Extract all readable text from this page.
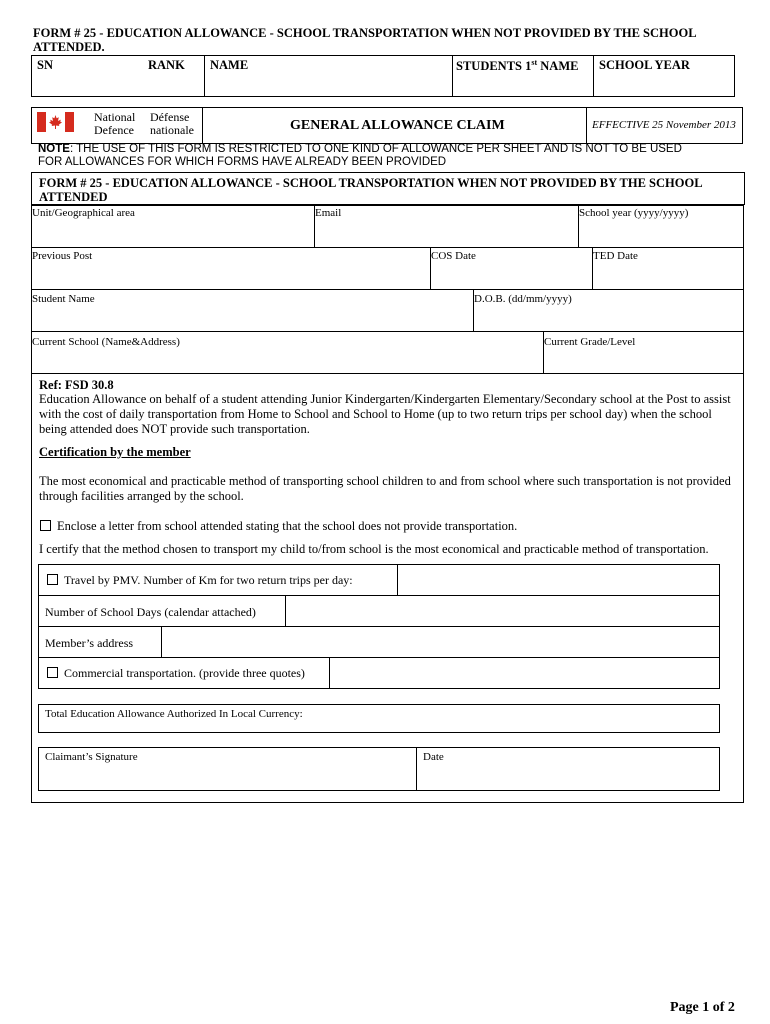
FORM # 25 - EDUCATION ALLOWANCE - SCHOOL TRANSPORTATION WHEN NOT PROVIDED BY THE SCHOOL
ATTENDED.
SN	RANK	NAME	STUDENTS 1st NAME	SCHOOL YEAR
National
Defence
Défense
nationale	GENERAL ALLOWANCE CLAIM	EFFECTIVE 25 November 2013
NOTE: THE USE OF THIS FORM IS RESTRICTED TO ONE KIND OF ALLOWANCE PER SHEET AND IS NOT TO BE USED
FOR ALLOWANCES FOR WHICH FORMS HAVE ALREADY BEEN PROVIDED
FORM # 25 - EDUCATION ALLOWANCE - SCHOOL TRANSPORTATION WHEN NOT PROVIDED BY THE SCHOOL
ATTENDED
Unit/Geographical area	Email	School year (yyyy/yyyy)
Previous Post	COS Date	TED Date
Student Name	D.O.B. (dd/mm/yyyy)
Current School (Name&Address)	Current Grade/Level
Ref: FSD 30.8
Education Allowance on behalf of a student attending Junior Kindergarten/Kindergarten Elementary/Secondary school at the Post to assist
with the cost of daily transportation from Home to School and School to Home (up to two return trips per school day) when the school
being attended does NOT provide such transportation.
Certification by the member
The most economical and practicable method of transporting school children to and from school where such transportation is not provided
through facilities arranged by the school.
Enclose a letter from school attended stating that the school does not provide transportation.
I certify that the method chosen to transport my child to/from school is the most economical and practicable method of transportation.
Travel by PMV. Number of Km for two return trips per day:
Number of School Days (calendar attached)
Member’s address
Commercial transportation. (provide three quotes)
Total Education Allowance Authorized In Local Currency:
Claimant’s Signature	Date
Page 1 of 2
